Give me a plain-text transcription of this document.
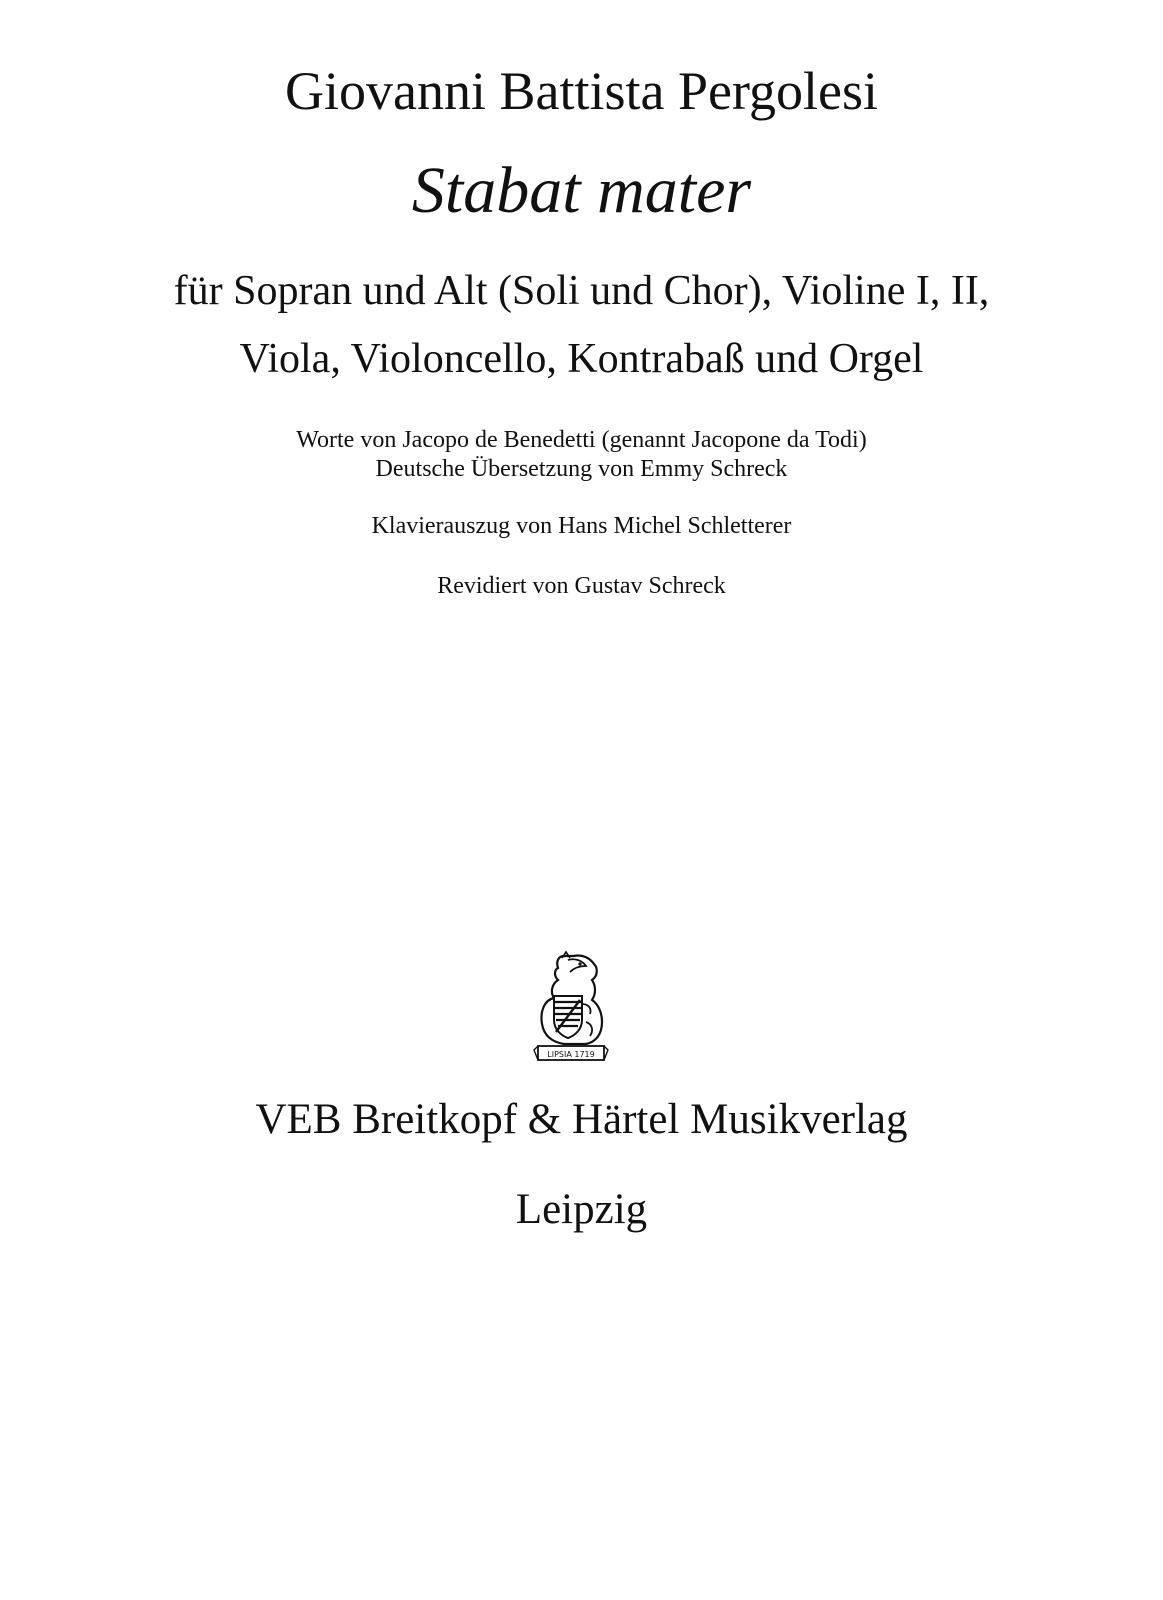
Giovanni Battista Pergolesi
Stabat mater
für Sopran und Alt (Soli und Chor), Violine I, II,
Viola, Violoncello, Kontrabaß und Orgel
Worte von Jacopo de Benedetti (genannt Jacopone da Todi)
Deutsche Übersetzung von Emmy Schreck
Klavierauszug von Hans Michel Schletterer
Revidiert von Gustav Schreck
LIPSIA 1719
VEB Breitkopf & Härtel Musikverlag
Leipzig
